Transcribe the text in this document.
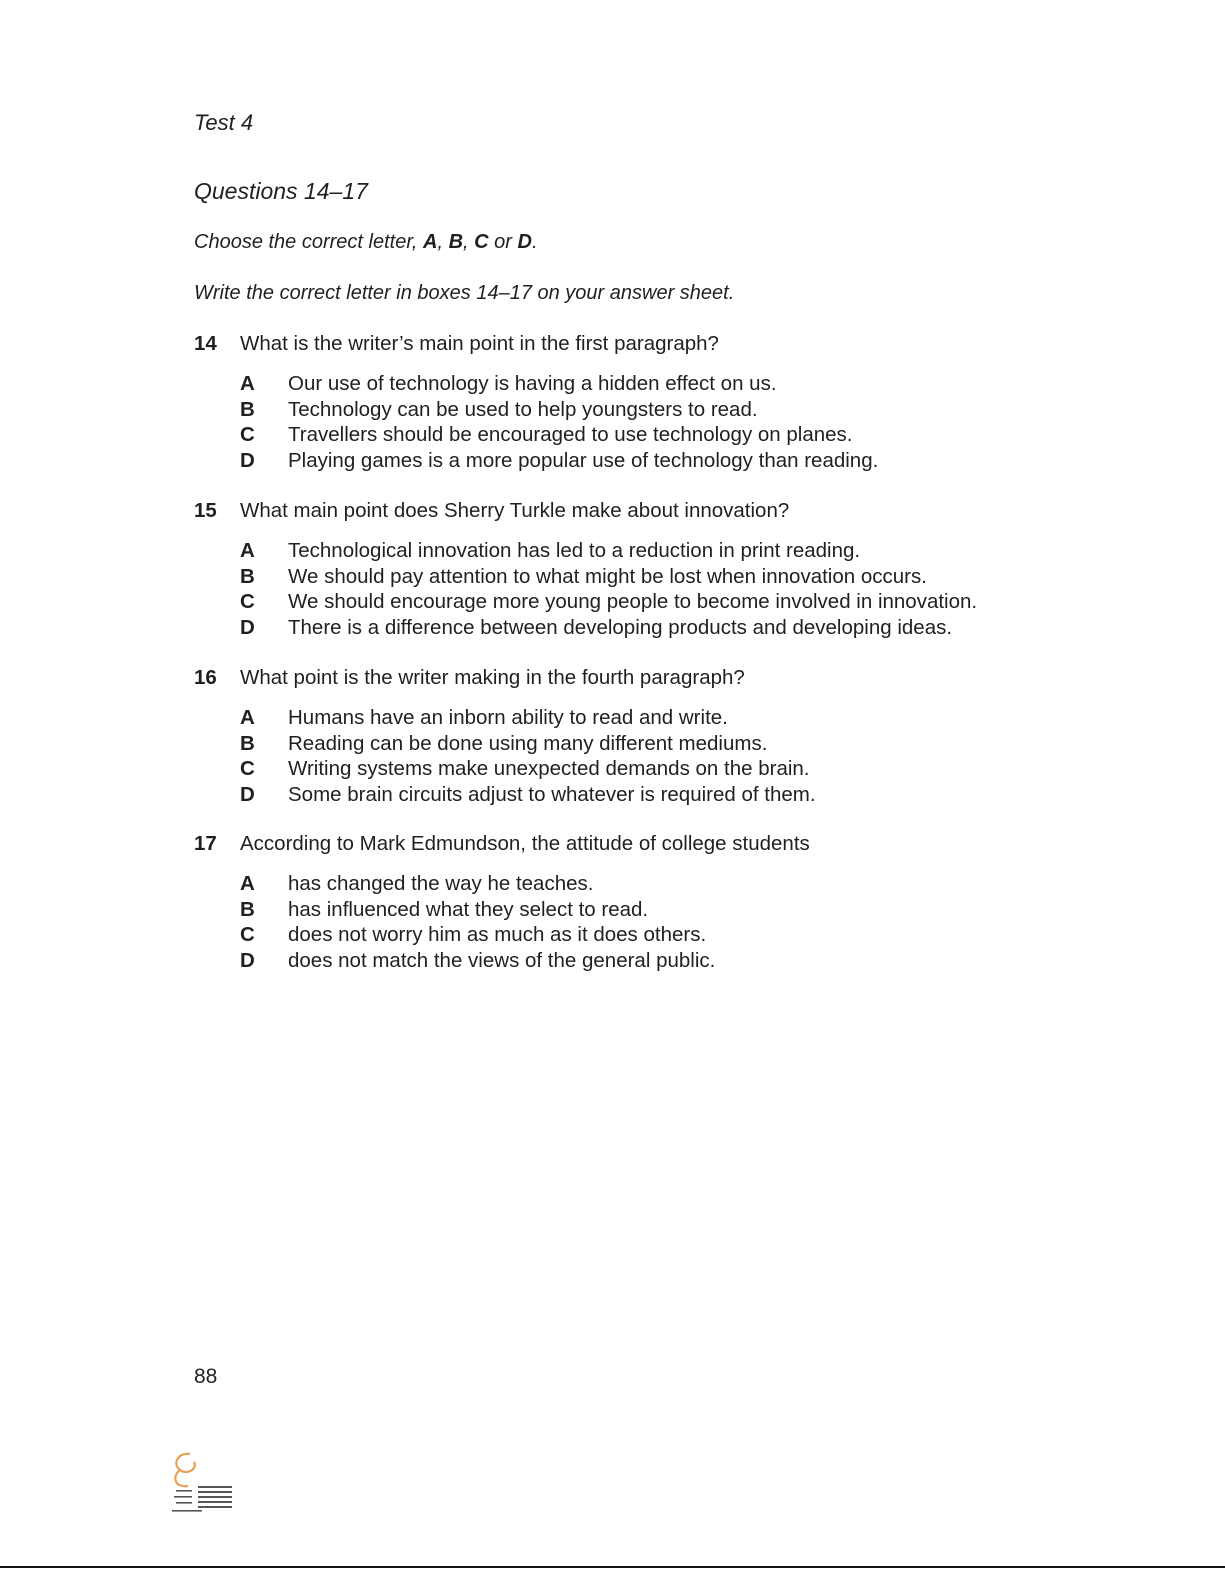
Test 4
Questions 14–17
Choose the correct letter, A, B, C or D.
Write the correct letter in boxes 14–17 on your answer sheet.
14	What is the writer’s main point in the first paragraph?
A	Our use of technology is having a hidden effect on us.
B	Technology can be used to help youngsters to read.
C	Travellers should be encouraged to use technology on planes.
D	Playing games is a more popular use of technology than reading.
15	What main point does Sherry Turkle make about innovation?
A	Technological innovation has led to a reduction in print reading.
B	We should pay attention to what might be lost when innovation occurs.
C	We should encourage more young people to become involved in innovation.
D	There is a difference between developing products and developing ideas.
16	What point is the writer making in the fourth paragraph?
A	Humans have an inborn ability to read and write.
B	Reading can be done using many different mediums.
C	Writing systems make unexpected demands on the brain.
D	Some brain circuits adjust to whatever is required of them.
17	According to Mark Edmundson, the attitude of college students
A	has changed the way he teaches.
B	has influenced what they select to read.
C	does not worry him as much as it does others.
D	does not match the views of the general public.
88
